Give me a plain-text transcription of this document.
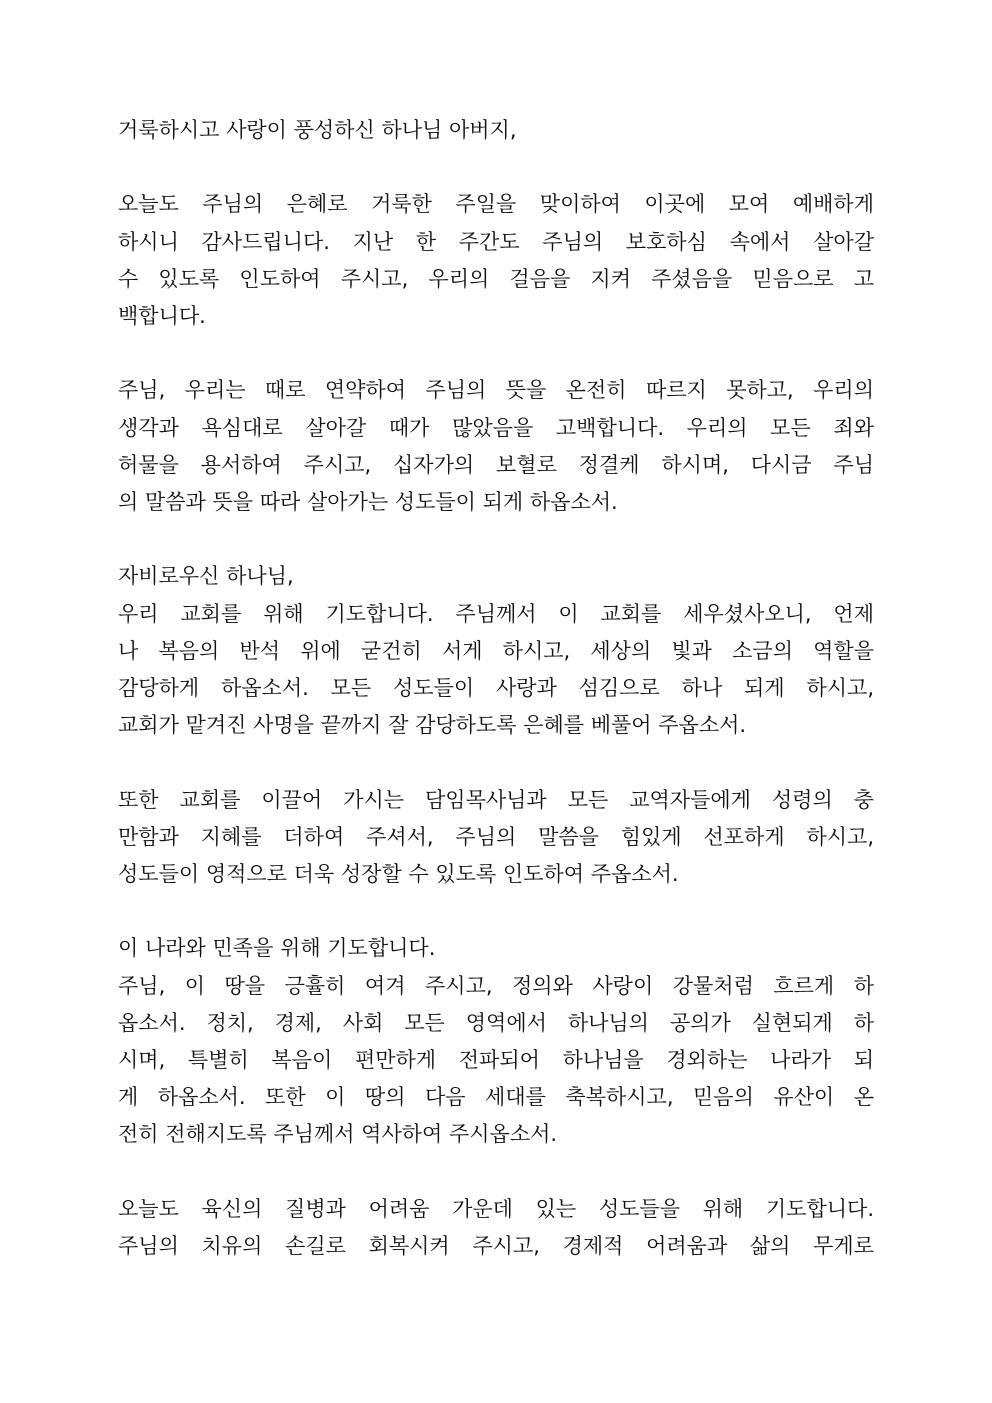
거룩하시고 사랑이 풍성하신 하나님 아버지,

오늘도 주님의 은혜로 거룩한 주일을 맞이하여 이곳에 모여 예배하게
하시니 감사드립니다. 지난 한 주간도 주님의 보호하심 속에서 살아갈
수 있도록 인도하여 주시고, 우리의 걸음을 지켜 주셨음을 믿음으로 고
백합니다.

주님, 우리는 때로 연약하여 주님의 뜻을 온전히 따르지 못하고, 우리의
생각과 욕심대로 살아갈 때가 많았음을 고백합니다. 우리의 모든 죄와
허물을 용서하여 주시고, 십자가의 보혈로 정결케 하시며, 다시금 주님
의 말씀과 뜻을 따라 살아가는 성도들이 되게 하옵소서.

자비로우신 하나님,
우리 교회를 위해 기도합니다. 주님께서 이 교회를 세우셨사오니, 언제
나 복음의 반석 위에 굳건히 서게 하시고, 세상의 빛과 소금의 역할을
감당하게 하옵소서. 모든 성도들이 사랑과 섬김으로 하나 되게 하시고,
교회가 맡겨진 사명을 끝까지 잘 감당하도록 은혜를 베풀어 주옵소서.

또한 교회를 이끌어 가시는 담임목사님과 모든 교역자들에게 성령의 충
만함과 지혜를 더하여 주셔서, 주님의 말씀을 힘있게 선포하게 하시고,
성도들이 영적으로 더욱 성장할 수 있도록 인도하여 주옵소서.

이 나라와 민족을 위해 기도합니다.
주님, 이 땅을 긍휼히 여겨 주시고, 정의와 사랑이 강물처럼 흐르게 하
옵소서. 정치, 경제, 사회 모든 영역에서 하나님의 공의가 실현되게 하
시며, 특별히 복음이 편만하게 전파되어 하나님을 경외하는 나라가 되
게 하옵소서. 또한 이 땅의 다음 세대를 축복하시고, 믿음의 유산이 온
전히 전해지도록 주님께서 역사하여 주시옵소서.

오늘도 육신의 질병과 어려움 가운데 있는 성도들을 위해 기도합니다.
주님의 치유의 손길로 회복시켜 주시고, 경제적 어려움과 삶의 무게로
